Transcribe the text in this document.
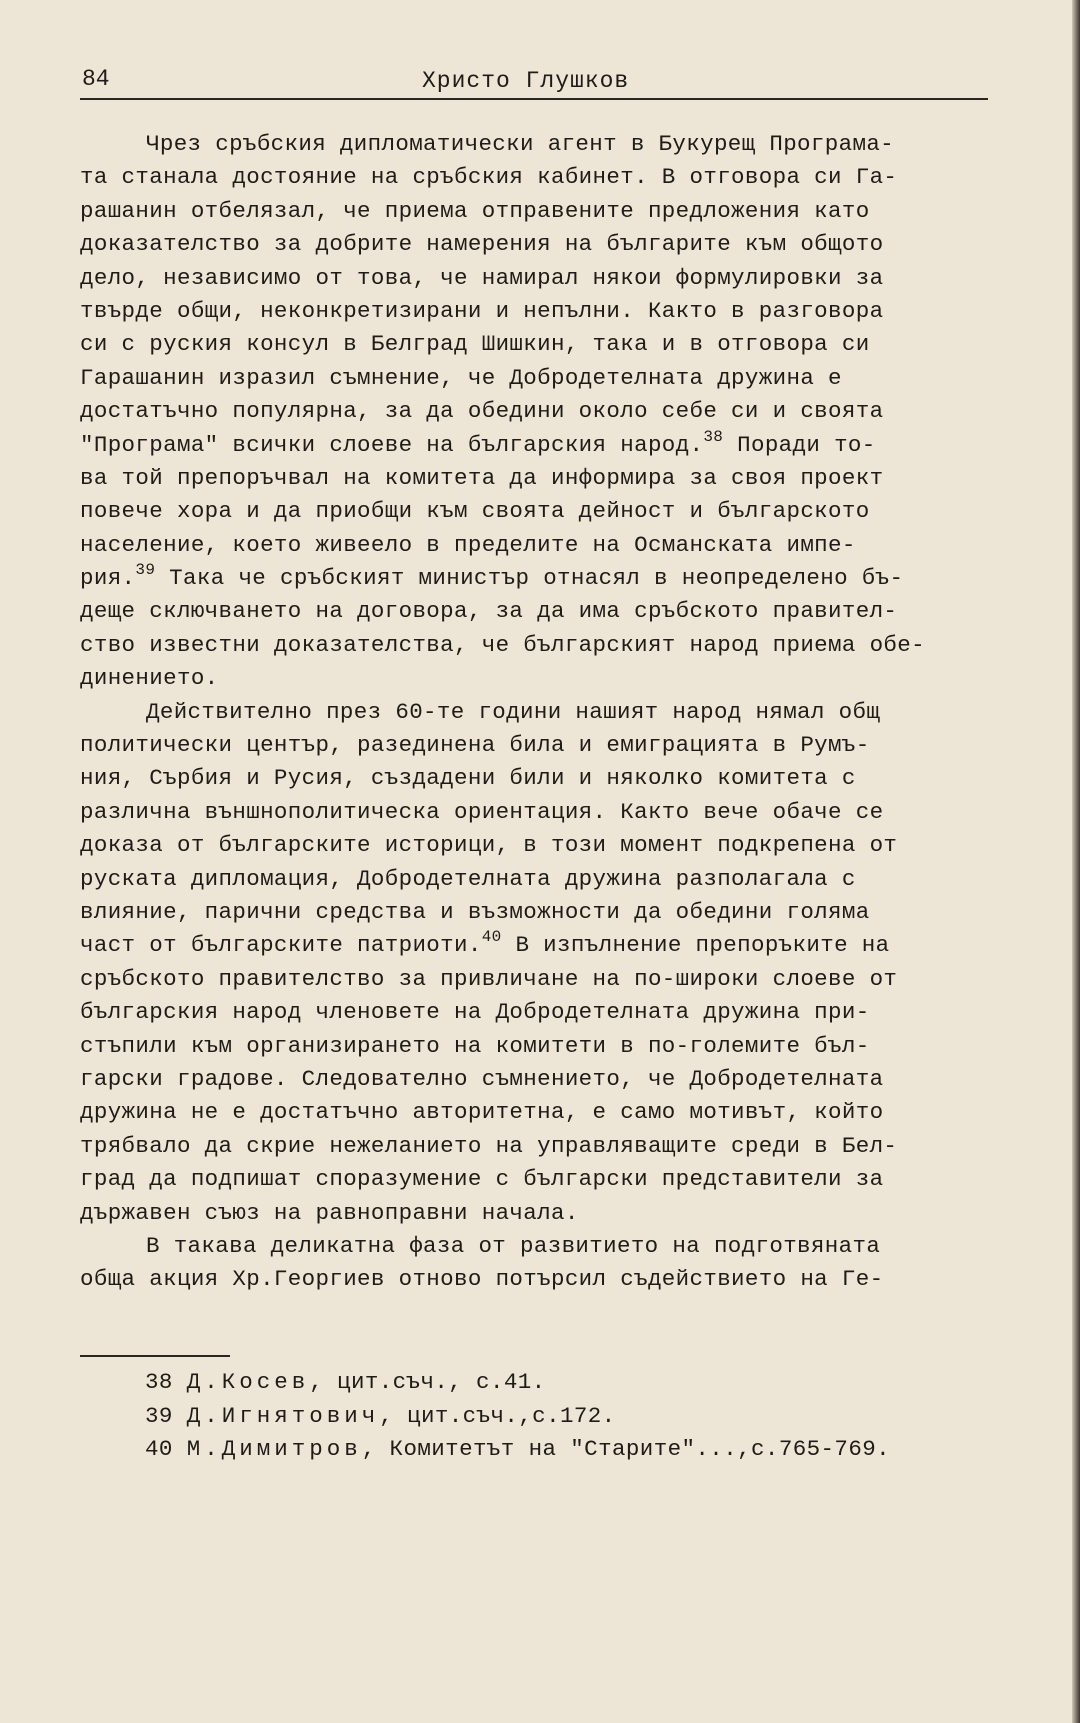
84	Христо Глушков
Чрез сръбския дипломатически агент в Букурещ Програма-
та станала достояние на сръбския кабинет. В отговора си Га-
рашанин отбелязал, че приема отправените предложения като
доказателство за добрите намерения на българите към общото
дело, независимо от това, че намирал някои формулировки за
твърде общи, неконкретизирани и непълни. Както в разговора
си с руския консул в Белград Шишкин, така и в отговора си
Гарашанин изразил съмнение, че Добродетелната дружина е
достатъчно популярна, за да обедини около себе си и своята
"Програма" всички слоеве на българския народ.$^{38}$ Поради то-
ва той препоръчвал на комитета да информира за своя проект
повече хора и да приобщи към своята дейност и българското
население, което живеело в пределите на Османската импе-
рия.$^{39}$ Така че сръбският министър отнасял в неопределено бъ-
деще сключването на договора, за да има сръбското правител-
ство известни доказателства, че българският народ приема обе-
динението.
Действително през 60-те години нашият народ нямал общ
политически център, разединена била и емиграцията в Румъ-
ния, Сърбия и Русия, създадени били и няколко комитета с
различна външнополитическа ориентация. Както вече обаче се
доказа от българските историци, в този момент подкрепена от
руската дипломация, Добродетелната дружина разполагала с
влияние, парични средства и възможности да обедини голяма
част от българските патриоти.$^{40}$ В изпълнение препоръките на
сръбското правителство за привличане на по-широки слоеве от
българския народ членовете на Добродетелната дружина при-
стъпили към организирането на комитети в по-големите бъл-
гарски градове. Следователно съмнението, че Добродетелната
дружина не е достатъчно авторитетна, е само мотивът, който
трябвало да скрие нежеланието на управляващите среди в Бел-
град да подпишат споразумение с български представители за
държавен съюз на равноправни начала.
В такава деликатна фаза от развитието на подготвяната
обща акция Хр.Георгиев отново потърсил съдействието на Ге-
38 Д.Косев, цит.съч., с.41.
39 Д.Игнятович, цит.съч.,с.172.
40 М.Димитров, Комитетът на "Старите"...,с.765-769.
